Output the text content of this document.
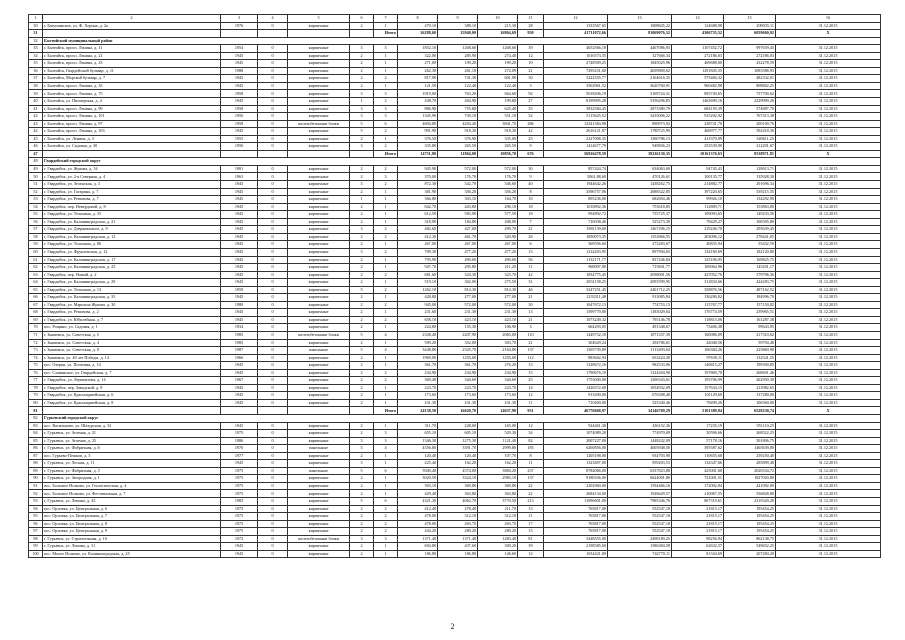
1	2	3	4	5	6	7	8	9	10	11	12	13	14	15	16
30	г. Батушинское, ул. Ф. Херона, д. 2а	1976	0	кирпичные	2	1	470,10	388,10	215,30	28	1333567,65	1008845,22	124688,98	209035,11	31.12.2015
31						Итого	26288,60	15940,00	16864,69	950	41711072,66	81069076,52	4306735,52	6059660,92	X
32	Балтийский муниципальный район														
33	г. Балтийск, просп. Ленина, д. 11	1954	0	кирпичные	3	3	1852,10	1268,60	1268,60	39	4652566,18	4467086,93	1107452,72	997659,45	31.12.2015
34	г. Балтийск, просп. Ленина, д. 21	1945	0	кирпичные	2	1	322,00	285,90	274,40	12	1016573,55	327666,34	272186,03	272186,03	31.12.2015
35	г. Балтийск, просп. Ленина, д. 23	1945	0	кирпичные	2	1	271,00	199,20	199,20	10	2748509,25	1845025,96	469688,00	432278,59	31.12.2015
36	г. Балтийск, Гвардейский бульвар, д. 11	1988	0	кирпичные	2	1	262,30	261,10	272,09	21	7295231,60	4659800,62	1291845,55	1083586,93	31.12.2015
37	г. Балтийск, Морской бульвар, д. 7	1945	0	кирпичные	2	2	817,90	741,30	601,90	30	3222555,77	2164616,35	575484,32	482332,01	31.12.2015
38	г. Балтийск, просп. Ленина, д. 35	1945	0	кирпичные	2	1	121,50	122,40	122,40	3	3502961,52	3620760,91	960482,98	808802,25	31.12.2015
39	г. Балтийск, просп. Ленина, д. 75	1958	0	кирпичные	3	3	1919,00	763,20	664,60	92	5018206,19	3169724,31	895749,65	737700,62	31.12.2015
40	г. Балтийск, ул. Пионерская, д. 4	1945	0	кирпичные	1	2	438,70	404,90	199,80	27	8199995,28	5356296,83	1463699,16	2229999,26	31.12.2015
41	г. Балтийск, просп. Ленина, д. 99	1958	0	кирпичные	3	3	886,90	755,80	625,40	35	3832584,45	2873380,79	684159,39	574887,70	31.12.2015
42	г. Балтийск, просп. Ленина, д. 101	1956	0	кирпичные	3	3	1345,90	730,10	551,10	52	5115625,52	3435006,22	915202,92	767313,38	31.12.2015
43	г. Балтийск, просп. Ленина, д. 97	1958	0	железобетонные блоки	5	6	4694,80	4204,40	3841,70	286	12341384,88	890973,92	238741,70	200100,76	31.12.2015
44	г. Балтийск, просп. Ленина, д. 103	1945	0	кирпичные	5	2	991,90	918,30	918,30	42	2616121,97	1780725,99	466977,77	392418,30	31.12.2015
45	г. Балтийск, ул. Ленина, д. 3	1955	0	кирпичные	2	1	376,50	376,90	335,00	25	2327008,35	1560786,13	413370,09	349611,25	31.12.2015
46	г. Балтийск, ул. Садовая, д. 30	1956	0	кирпичные	3	2	335,80	265,50	265,50	9	1414677,79	949836,23	253539,90	212201,67	31.12.2015
47						Итого	14751,80	11864,00	10856,70	676	56926478,59	38226130,35	10161376,63	8538971,81	X
48	Гвардейский городской округ														
49	г. Гвардейск, ул. Жукова, д. 34	1981	0	кирпичные	2	2	945,90	572,00	572,00	30	857424,74	634063,60	94745,43	128613,71	31.12.2015
50	г. Гвардейск, ул. 2-я Северная, д. 4	1963	0	кирпичные	2	3	370,00	176,70	176,70	9	5061,88,60	470126,61	100135,77	135928,30	31.12.2015
51	г. Гвардейск, ул. Зеленская, д. 3	1945	0	кирпичные	3	2	872,30	542,70	546,60	40	1944642,26	1438262,75	214882,77	291696,34	31.12.2015
52	г. Гвардейск, ул. Гагарина, д. 7	1945	0	кирпичные	2	1	381,90	356,20	356,20	8	3596757,06	2688322,85	397220,65	539215,55	31.12.2015
53	г. Гвардейск, ул. Ремизова, д. 7	1945	0	кирпичные	1	1	366,80	303,10	164,70	10	895236,00	682694,46	99926,10	134292,90	31.12.2015
54	г. Гвардейск, пер. Невердовой, д. 8	1945	0	кирпичные	2	1	642,70	443,80	296,10	18	1010892,36	753618,85	112809,71	153863,80	31.12.2015
55	г. Гвардейск, ул. Тельмана, д. 35	1945	0	кирпичные	2	1	612,50	583,90	577,50	18	994892,72	735725,37	109093,65	149233,56	31.12.2015
56	г. Гвардейск, ул. Калининградская, д. 21	1945	0	кирпичные	2	1	318,90	184,80	208,00	7	710038,46	525273,39	78429,27	106505,80	31.12.2015
57	г. Гвардейск, ул. Дзержинского, д. 9	1945	0	кирпичные	3	2	482,60	427,00	299,70	21	1981139,60	1467296,15	219246,70	295639,45	31.12.2015
58	г. Гвардейск, ул. Калининградская, д. 12	1945	0	кирпичные	2	2	412,30	461,70	320,90	26	1850073,35	1352866,55	203096,12	278441,05	31.12.2015
59	г. Гвардейск, ул. Тельмана, д. 86	1945	0	кирпичные	2	1	267,00	267,00	267,00	6	369556,60	273283,67	40835,94	55432,59	31.12.2015
60	г. Гвардейск, ул. Фрунзенская, д. 12	1945	0	кирпичные	3	2	709,30	477,20	477,20	13	1214203,95	897994,65	134169,69	182120,80	31.12.2015
61	г. Гвардейск, ул. Калининградская, д. 17	1945	0	кирпичные	2	1	795,90	490,60	490,60	56	1132171,77	837246,84	125106,95	169825,75	31.12.2015
62	г. Гвардейск, ул. Калининградская, д. 25	1945	0	кирпичные	2	1	947,70	295,80	211,20	11	968007,80	715841,77	106964,96	145201,17	31.12.2015
63	г. Гвардейск, пер. Новый, д. 2	1945	0	кирпичные	2	2	681,60	324,30	323,70	42	1854775,45	2058001,56	427052,70	379796,36	31.12.2015
64	г. Гвардейск, ул. Калининградская, д. 29	1945	0	кирпичные	2	1	519,10	362,00	275,50	31	2831158,25	2093599,95	312834,66	424283,75	31.12.2015
65	г. Гвардейск, ул. Тельмана, д. 13	1959	0	кирпичные	5	2	1262,10	814,30	814,30	46	3247251,45	2401712,25	358876,56	487162,52	31.12.2015
66	г. Гвардейск, ул. Калининградская, д. 35	1945	0	кирпичные	2	1	428,80	277,00	277,00	21	1233311,48	913085,84	136280,02	184996,70	31.12.2015
67	г. Гвардейск, ул. Маршала Жукова, д. 30	1980	0	кирпичные	2	2	945,00	572,00	572,00	30	1047672,13	774753,13	115767,77	157150,82	31.12.2015
68	г. Гвардейск, ул. Ремизова, д. 2	1945	0	кирпичные	2	1	231,60	231,30	231,30	13	1599770,00	1183029,64	176774,59	239965,51	31.12.2015
69	г. Гвардейск, ул. Юбилейная, д. 7	1945	0	кирпичные	2	2	658,10	423,10	423,10	21	1073249,32	795146,78	118815,06	161287,38	31.12.2015
70	пос. Рощино, ул. Садовая, д. 1	1934	0	кирпичные	2	1	224,80	155,30	106,90	3	664293,05	491348,67	73406,38	99643,95	31.12.2015
71	г. Знаменск, ул. Советская, д. 5	1985	0	железобетонные блоки	5	4	2338,40	2207,90	2065,00	110	1449732,10	1071337,39	160086,09	217310,82	31.12.2015
72	г. Знаменск, ул. Советская, д. 4	1985	0	кирпичные	2	1	599,20	352,00	303,70	21	304629,24	294786,61	44048,56	59794,40	31.12.2015
73	г. Знаменск, ул. Советская, д. 8	1987	0	панельные	5	4	3448,80	2345,70	2164,80	137	1505739,89	1113493,64	166384,26	225860,98	31.12.2015
74	г. Знаменск, ул. 40 лет Победы, д. 14	1966	0	кирпичные	2	1	1969,00	1255,60	1255,60	112	883602,94	653424,30	97639,11	132541,55	31.12.2015
75	пос. Озерки, ул. Почтовая, д. 14	1945	0	кирпичные	2	1	361,70	361,70	276,20	13	1328672,16	982533,06	146815,27	199300,85	31.12.2015
76	пос. Славянское, ул. Гвардейская, д. 7	1945	0	кирпичные	2	2	234,90	234,90	234,90	15	1790676,10	1324204,90	197869,70	268601,46	31.12.2015
77	г. Гвардейск, ул. Лермонтова, д. 14	1967	0	кирпичные	2	2	369,40	344,60	344,60	25	1753000,00	1296343,61	193706,99	262950,30	31.12.2015
78	г. Гвардейск, пер. Заводской, д. 9	1945	0	кирпичные	2	1	223,70	223,70	223,70	14	1426572,00	1054932,09	157634,15	213982,65	31.12.2015
79	г. Гвардейск, ул. Красноармейская, д. 6	1945	0	кирпичные	2	1	173,60	173,60	173,60	12	913200,00	676308,40	101129,60	137280,00	31.12.2015
80	г. Гвардейск, ул. Красноармейская, д. 8	1945	0	кирпичные	2	1	231,30	231,30	231,30	11	710400,00	525340,46	78499,20	106560,00	31.12.2015
81						Итого	24138,50	16620,70	14637,90	951	46776668,97	34146769,29	5101389,94	6528230,74	X
82	Гурьевский городской округ														
83	пос. Васильково, ул. Шатурская, д. 32	1945	0	кирпичные	2	1	311,70	228,00	165,00	12	924461,30	436152,36	17235,19	951110,25	31.12.2015
84	г. Гурьевск, ул. Зеленая, д. 21	1975	0	кирпичные	2	3	655,10	605,10	529,30	34	1074089,20	774970,09	30596,66	268522,25	31.12.2015
85	г. Гурьевск, ул. Зеленая, д. 25	1986	0	кирпичные	3	3	1346,30	1275,30	1121,40	82	2007227,00	1448242,09	57178,16	501806,75	31.12.2015
86	г. Гурьевск, ул. Фабричная, д. 6	1976	0	панельные	5	4	4356,80	3391,70	2999,80	183	6260856,00	4605948,50	395587,62	1465639,80	31.12.2015
87	пос. Гурьево-Пешков, д. 5	1977	0	кирпичные	2	1	120,40	120,40	107,70	8	1205198,00	934703,90	110655,60	259250,40	31.12.2015
88	г. Гурьевск, ул. Лесная, д. 11	1945	0	кирпичные	3	1	225,40	162,20	162,20	11	1323497,00	959203,53	134347,66	285899,40	31.12.2015
89	г. Гурьевск, ул. Фабричная, д. 3	1975	0	панельные	5	6	5940,40	4574,00	3884,20	237	8784066,00	6337823,88	425001,60	2020334,72	31.12.2015
90	г. Гурьевск, ул. Загородная, д. 1	1975	0	кирпичные	2	1	3020,50	3324,10	2983,10	137	9180336,00	6624001,80	721001,51	1827020,80	31.12.2015
91	пос. Большое Исаково, ул. Геологическая, д. 4	1975	0	кирпичные	2	1	393,10	369,80	369,80	22	2202960,00	1594466,16	172002,84	441092,00	31.12.2015
92	пос. Большое Исаково, ул. Фестивальная, д. 7	1975	0	кирпичные	2	1	429,40	363,80	363,80	22	2684134,00	1926629,57	210067,55	536828,80	31.12.2015
93	г. Гурьевск, ул. Ленина, д. 43	1983	0	кирпичные	5	6	4321,30	4062,70	3770,50	213	11096601,00	7985346,76	867319,61	2219320,20	31.12.2015
94	пос. Орловка, ул. Центральная, д. 6	1975	0	кирпичные	2	2	412,40	278,40	211,70	13	765817,00	552547,18	21815,17	195454,25	31.12.2015
95	пос. Орловка, ул. Центральная, д. 7	1975	0	кирпичные	2	2	478,00	312,10	312,10	11	765817,00	552547,18	21815,17	195454,25	31.12.2015
96	пос. Орловка, ул. Центральная, д. 8	1975	0	кирпичные	2	2	478,00	265,70	265,70	17	765817,00	552547,18	21815,17	195454,25	31.12.2015
97	пос. Орловка, ул. Центральная, д. 9	1975	0	кирпичные	2	2	444,20	280,20	280,20	15	765817,00	552547,18	21815,17	195454,25	31.12.2015
98	г. Гурьевск, ул. Строительная, д. 10	1972	0	железобетонные блоки	3	3	1371,40	1371,40	1283,40	81	3448555,00	2498180,25	98256,94	862138,75	31.12.2015
99	г. Гурьевск, ул. Ленина, д. 31	1945	0	кирпичные	2	1	694,80	437,60	300,20	39	2198585,60	1586384,58	62632,57	549652,25	31.12.2015
100	пос. Малое Исаково, ул. Калининградская, д. 25	1945	0	кирпичные	2	1	186,80	186,80	146,60	12	1034421,80	742770,11	81344,69	207284,20	31.12.2015
2
